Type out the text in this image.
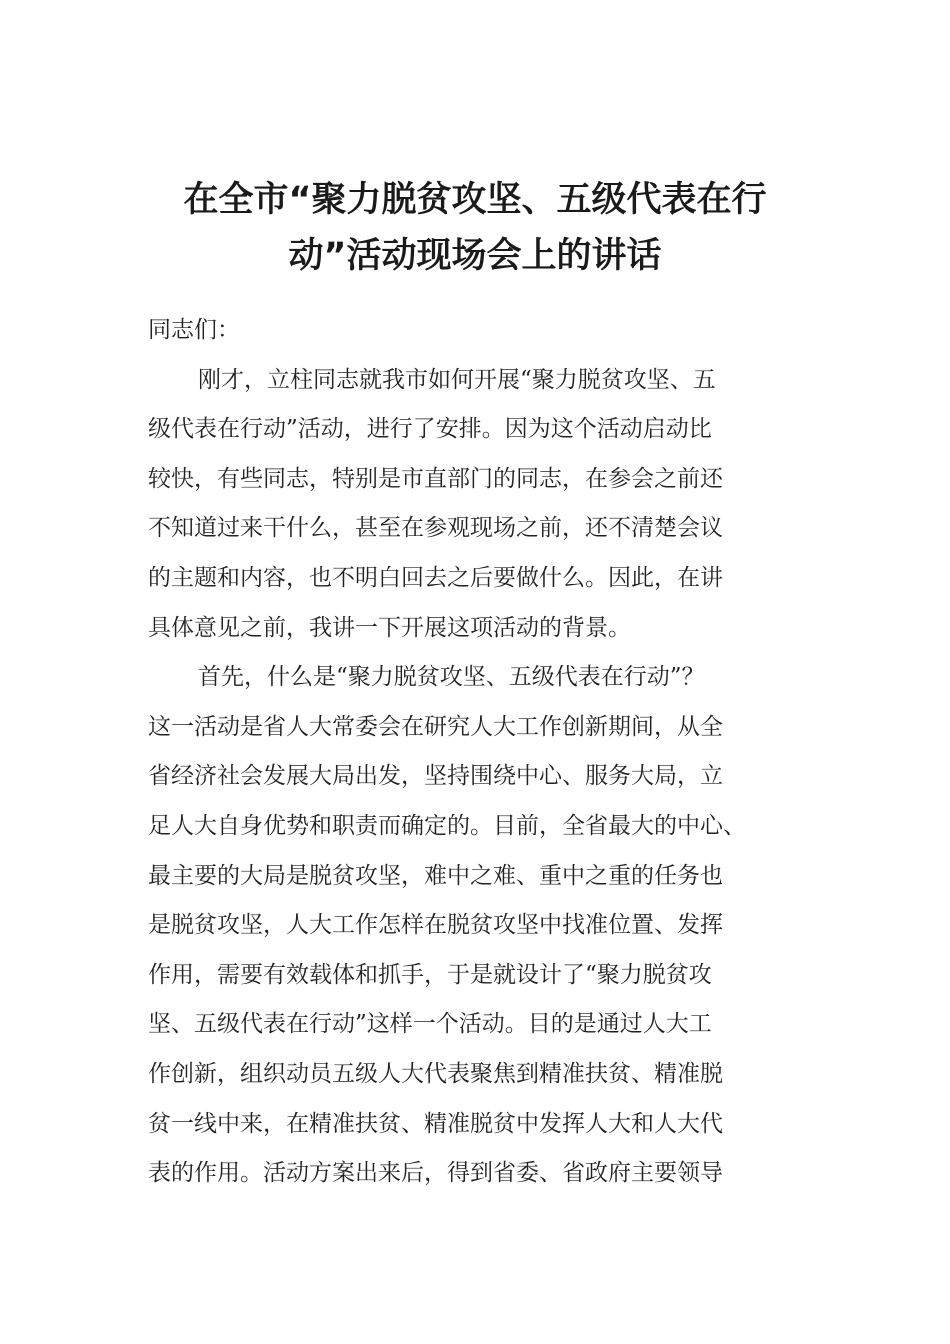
在全市“聚力脱贫攻坚、五级代表在行
动”活动现场会上的讲话
同志们：
刚才，立柱同志就我市如何开展“聚力脱贫攻坚、五
级代表在行动”活动，进行了安排。因为这个活动启动比
较快，有些同志，特别是市直部门的同志，在参会之前还
不知道过来干什么，甚至在参观现场之前，还不清楚会议
的主题和内容，也不明白回去之后要做什么。因此，在讲
具体意见之前，我讲一下开展这项活动的背景。
首先，什么是“聚力脱贫攻坚、五级代表在行动”？
这一活动是省人大常委会在研究人大工作创新期间，从全
省经济社会发展大局出发，坚持围绕中心、服务大局，立
足人大自身优势和职责而确定的。目前，全省最大的中心、
最主要的大局是脱贫攻坚，难中之难、重中之重的任务也
是脱贫攻坚，人大工作怎样在脱贫攻坚中找准位置、发挥
作用，需要有效载体和抓手，于是就设计了“聚力脱贫攻
坚、五级代表在行动”这样一个活动。目的是通过人大工
作创新，组织动员五级人大代表聚焦到精准扶贫、精准脱
贫一线中来，在精准扶贫、精准脱贫中发挥人大和人大代
表的作用。活动方案出来后，得到省委、省政府主要领导
